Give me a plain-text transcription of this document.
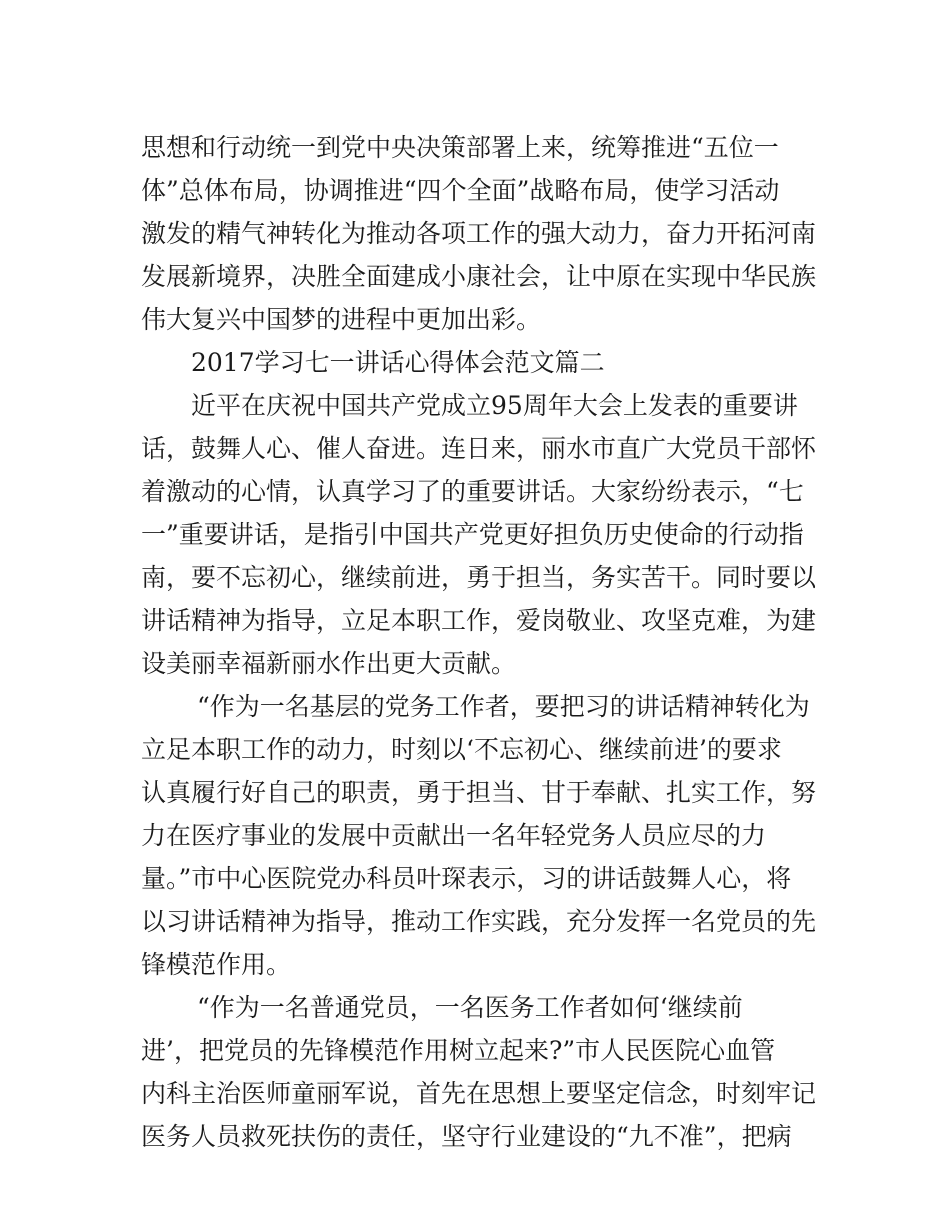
思想和行动统一到党中央决策部署上来，统筹推进“五位一
体”总体布局，协调推进“四个全面”战略布局，使学习活动
激发的精气神转化为推动各项工作的强大动力，奋力开拓河南
发展新境界，决胜全面建成小康社会，让中原在实现中华民族
伟大复兴中国梦的进程中更加出彩。
2017学习七一讲话心得体会范文篇二
近平在庆祝中国共产党成立95周年大会上发表的重要讲
话，鼓舞人心、催人奋进。连日来，丽水市直广大党员干部怀
着激动的心情，认真学习了的重要讲话。大家纷纷表示，“七
一”重要讲话，是指引中国共产党更好担负历史使命的行动指
南，要不忘初心，继续前进，勇于担当，务实苦干。同时要以
讲话精神为指导，立足本职工作，爱岗敬业、攻坚克难，为建
设美丽幸福新丽水作出更大贡献。
“作为一名基层的党务工作者，要把习的讲话精神转化为
立足本职工作的动力，时刻以‘不忘初心、继续前进’的要求
认真履行好自己的职责，勇于担当、甘于奉献、扎实工作，努
力在医疗事业的发展中贡献出一名年轻党务人员应尽的力
量。”市中心医院党办科员叶琛表示，习的讲话鼓舞人心，将
以习讲话精神为指导，推动工作实践，充分发挥一名党员的先
锋模范作用。
“作为一名普通党员，一名医务工作者如何‘继续前
进’，把党员的先锋模范作用树立起来?”市人民医院心血管
内科主治医师童丽军说，首先在思想上要坚定信念，时刻牢记
医务人员救死扶伤的责任，坚守行业建设的“九不准”，把病
